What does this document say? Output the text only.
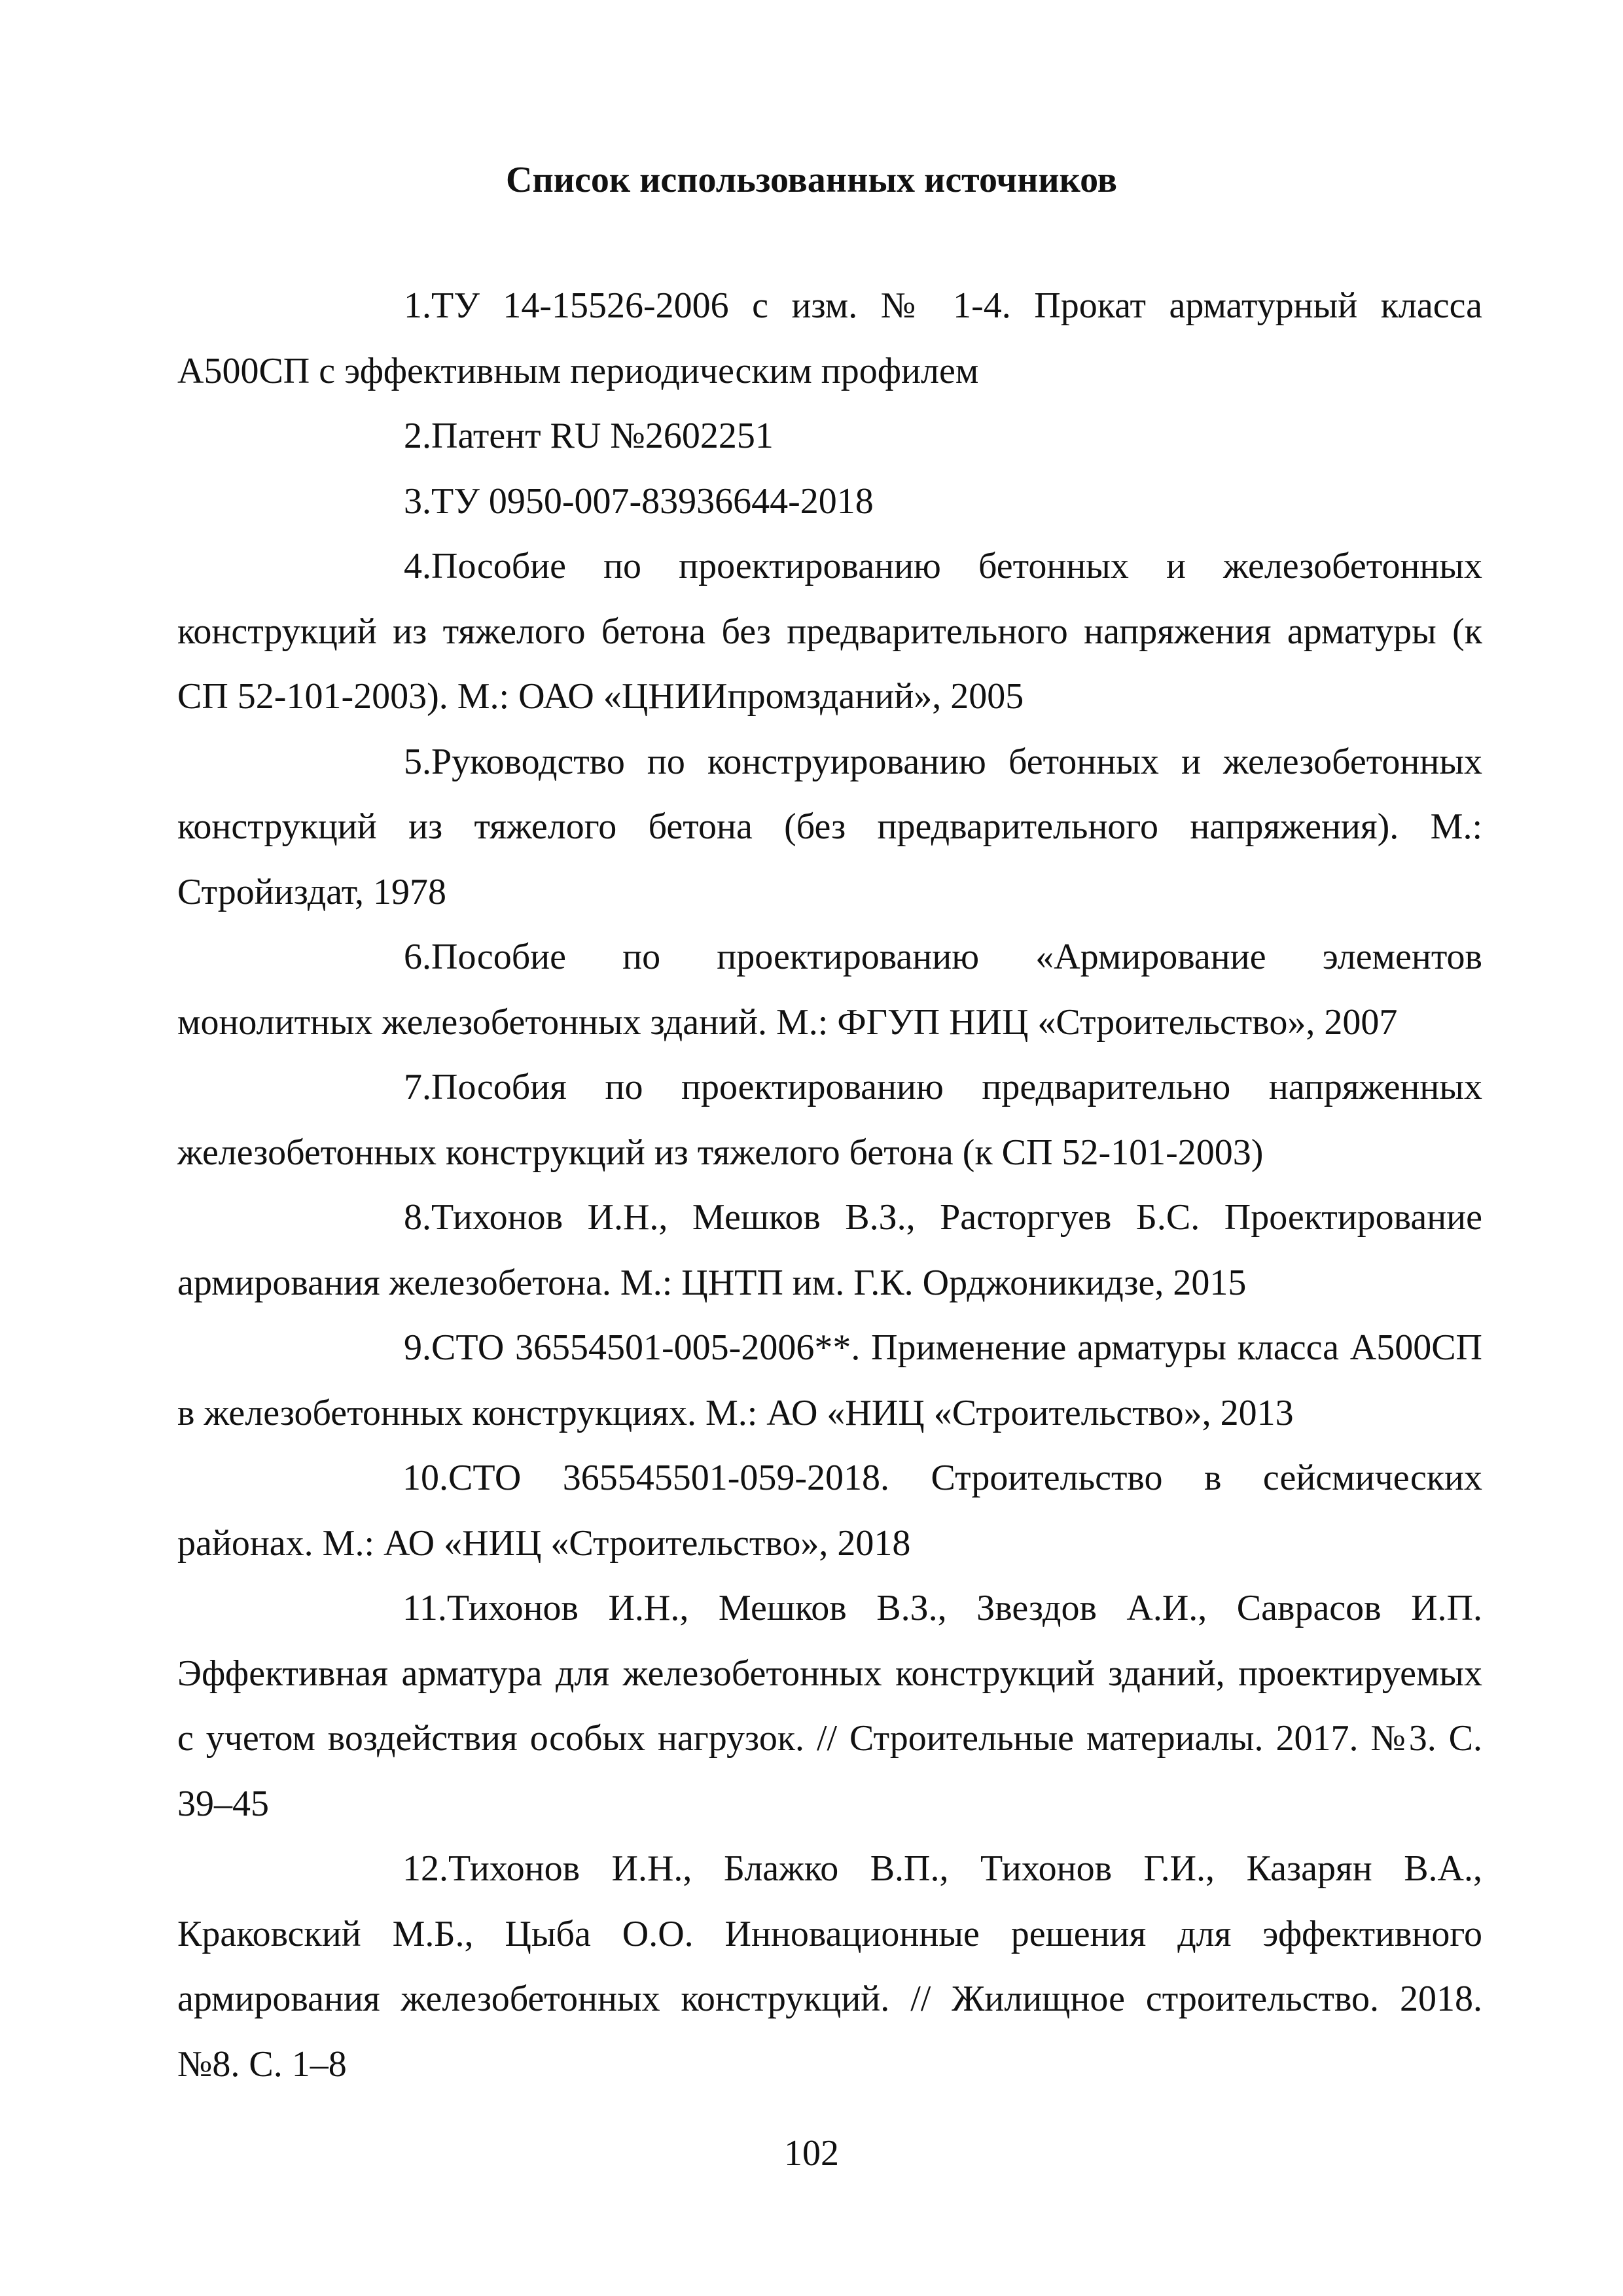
Список использованных источников
1.ТУ 14-15526-2006 с изм. № 1-4. Прокат арматурный класса А500СП с эффективным периодическим профилем
2.Патент RU №2602251
3.ТУ 0950-007-83936644-2018
4.Пособие по проектированию бетонных и железобетонных конструкций из тяжелого бетона без предварительного напряжения арматуры (к СП 52-101-2003). М.: ОАО «ЦНИИпромзданий», 2005
5.Руководство по конструированию бетонных и железобетонных конструкций из тяжелого бетона (без предварительного напряжения). М.: Стройиздат, 1978
6.Пособие по проектированию «Армирование элементов монолитных железобетонных зданий. М.: ФГУП НИЦ «Строительство», 2007
7.Пособия по проектированию предварительно напряженных железобетонных конструкций из тяжелого бетона (к СП 52-101-2003)
8.Тихонов И.Н., Мешков В.З., Расторгуев Б.С. Проектирование армирования железобетона. М.: ЦНТП им. Г.К. Орджоникидзе, 2015
9.СТО 36554501-005-2006**. Применение арматуры класса А500СП в железобетонных конструкциях. М.: АО «НИЦ «Строительство», 2013
10.СТО 365545501-059-2018. Строительство в сейсмических районах. М.: АО «НИЦ «Строительство», 2018
11.Тихонов И.Н., Мешков В.З., Звездов А.И., Саврасов И.П. Эффективная арматура для железобетонных конструкций зданий, проектируемых с учетом воздействия особых нагрузок. // Строительные материалы. 2017. №3. С. 39–45
12.Тихонов И.Н., Блажко В.П., Тихонов Г.И., Казарян В.А., Краковский М.Б., Цыба О.О. Инновационные решения для эффективного армирования железобетонных конструкций. // Жилищное строительство. 2018. №8. С. 1–8
102
